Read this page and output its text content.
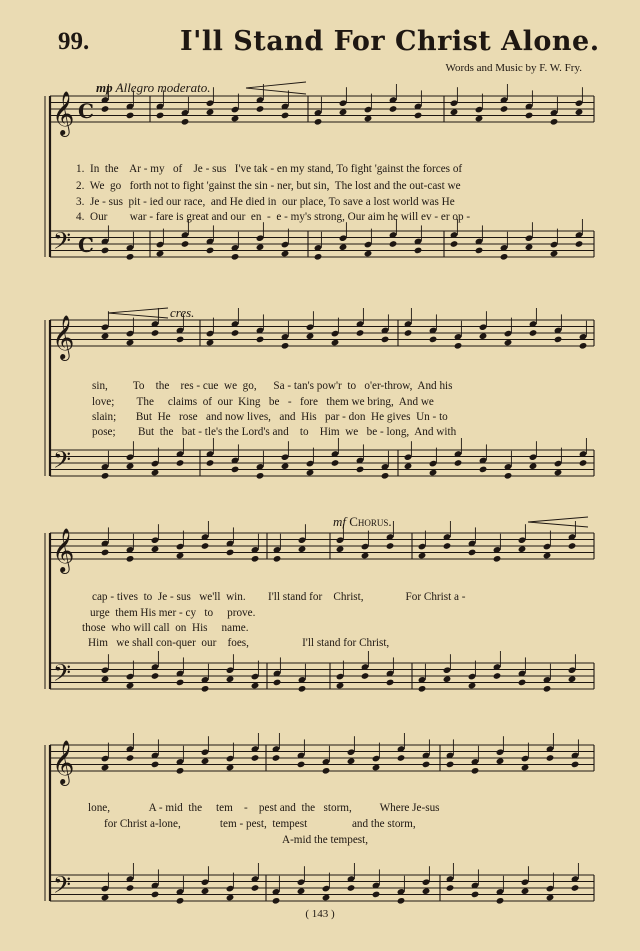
99.	I'll Stand For Christ Alone.
Words and Music by F. W. Fry.
mp Allegro moderato.
cres.
mf Chorus.
1.  In  the    Ar - my   of    Je - sus   I've tak - en my stand, To fight 'gainst the forces of
2.  We  go   forth not to fight 'gainst the sin - ner, but sin,  The lost and the out-cast we
3.  Je - sus  pit - ied our race,  and He died in  our place, To save a lost world was He
4.  Our        war - fare is great and our  en  -  e - my's strong, Our aim he will ev - er op -
sin,         To    the    res - cue  we  go,      Sa - tan's pow'r  to   o'er-throw,  And his
love;        The     claims  of  our  King   be   -   fore   them we bring,  And we
slain;       But  He   rose   and now lives,   and  His   par - don  He gives  Un - to
pose;        But  the   bat - tle's the Lord's and    to    Him  we   be - long,  And with
cap - tives  to  Je - sus   we'll  win.        I'll stand for    Christ,               For Christ a -
urge  them His mer - cy   to     prove.
those  who will call  on  His     name.
Him   we shall con-quer  our    foes,                   I'll stand for Christ,
lone,              A - mid  the     tem    -    pest and  the   storm,          Where Je-sus
for Christ a-lone,              tem - pest,  tempest                and the storm,
A-mid the tempest,
( 143 )
𝄞
𝄢
𝄞
𝄢
𝄞
𝄢
𝄞
𝄢
C
C
